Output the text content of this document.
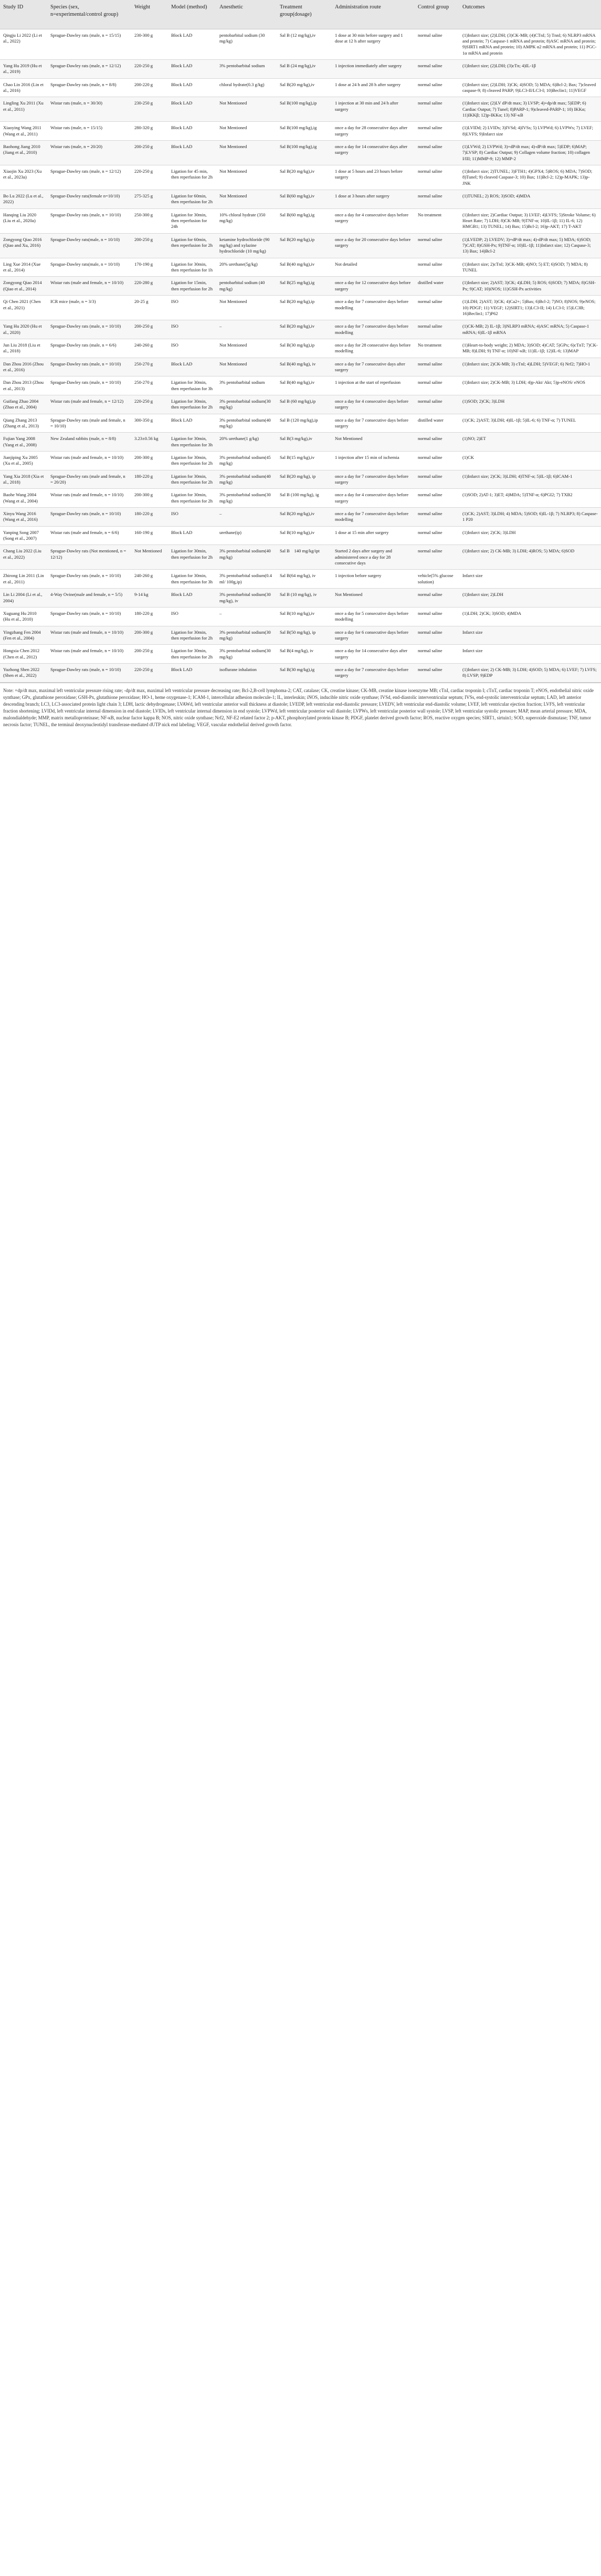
Study ID	Species (sex, n=experimental/control group)	Weight	Model (method)	Anesthetic	Treatment group(dosage)	Administration route	Control group	Outcomes
Qingju Li 2022 (Li et al., 2022)	Sprague-Dawley rats (male, n = 15/15)	230-300 g	Block LAD	pentobarbital sodium (30 mg/kg)	Sal B (12 mg/kg),iv	1 dose at 30 min before surgery and 1 dose at 12 h after surgery	normal saline	(1)Infarct size; (2)LDH; (3)CK-MB; (4)CTnI; 5) TnnI; 6) NLRP3 mRNA and protein; 7) Caspase-1 mRNA and protein; 8)ASC mRNA and protein; 9)SIRT1 mRNA and protein; 10) AMPK α2 mRNA and protein; 11) PGC-1α mRNA and protein
Yang Hu 2019 (Hu et al., 2019)	Sprague-Dawley rats (male, n = 12/12)	220-250 g	Block LAD	3% pentobarbital sodium	Sal B (24 mg/kg),iv	1 injection immediately after surgery	normal saline	(1)Infarct size; (2)LDH; (3)cTn; 4)IL-1β
Chao Lin 2016 (Lin et al., 2016)	Sprague-Dawley rats (male, n = 8/8)	200-220 g	Block LAD	chloral hydrate(0.3 g/kg)	Sal B(20 mg/kg),iv	1 dose at 24 h and 28 h after surgery	normal saline	(1)Infarct size; (2)LDH; 3)CK; 4)SOD; 5) MDA; 6)Bcl-2; Bax; 7)cleaved caspase-9; 8) cleaved PARP; 9)LC3-II/LC3-I; 10)Beclin1; 11)VEGF
Lingling Xu 2011 (Xu et al., 2011)	Wistar rats (male, n = 30/30)	230-250 g	Block LAD	Not Mentioned	Sal B(100 mg/kg),ip	1 injection at 30 min and 24 h after surgery	normal saline	(1)Infarct size; (2)LV dP/dt max; 3) LVSP; 4)+dp/dt max; 5)EDP; 6) Cardiac Output; 7) Tunel; 8)PARP-1; 9)cleaved-PARP-1; 10) IKKα; 11)IKKβ; 12)p-IKKα; 13) NF-κB
Xiaoying Wang 2011 (Wang et al., 2011)	Wistar rats (male, n = 15/15)	280-320 g	Block LAD	Not Mentioned	Sal B(100 mg/kg),ig	once a day for 28 consecutive days after surgery	normal saline	(1)LVIDd; 2) LVIDs; 3)IVSd; 4)IVSs; 5) LVPWd; 6) LVPWs; 7) LVEF; 8)LVFS; 9)Infarct size
Baohong Jiang 2010 (Jiang et al., 2010)	Wistar rats (male, n = 20/20)	200-250 g	Block LAD	Not Mentioned	Sal B(100 mg/kg),ig	once a day for 14 consecutive days after surgery	normal saline	(1)LVWd; 2) LVPWd; 3)+dP/dt max; 4)-dP/dt max; 5)EDP; 6)MAP; 7)LVSP; 8) Cardiac Output; 9) Collagen volume fraction; 10) collagen I/III; 11)MMP-9; 12) MMP-2
Xiaojin Xu 2023 (Xu et al., 2023a)	Sprague-Dawley rats (male, n = 12/12)	220-250 g	Ligation for 45 min, then reperfusion for 2h	Not Mentioned	Sal B(20 mg/kg),iv	1 dose at 5 hours and 23 hours before surgery	normal saline	(1)Infarct size; 2)TUNEL; 3)FTH1; 4)GPX4; 5)ROS; 6) MDA; 7)SOD; 8)Tunel; 9) cleaved Caspase-3; 10) Bax; 11)Bcl-2; 12)p-MAPK; 13)p-JNK
Bo Lu 2022 (Lu et al., 2022)	Sprague-Dawley rats(female n=10/10)	275-325 g	Ligation for 60min, then reperfusion for 2h	Not Mentioned	Sal B(60 mg/kg),iv	1 dose at 3 hours after surgery	normal saline	(1)TUNEL; 2) ROS; 3)SOD; 4)MDA
Hanqing Liu 2020 (Liu et al., 2020a)	Sprague-Dawley rats (male, n = 10/10)	250-300 g	Ligation for 30min, then reperfusion for 24h	10% chloral hydrate (350 mg/kg)	Sal B(60 mg/kg),ig	once a day for 4 consecutive days before surgery	No treatment	(1)Infarct size; 2)Cardiac Output; 3) LVEF; 4)LVFS; 5)Stroke Volume; 6) Heart Rate; 7) LDH; 8)CK-MB; 9)TNF-α; 10)IL-1β; 11) IL-6; 12) HMGB1; 13) TUNEL; 14) Bax; 15)Bcl-2; 16)p-AKT; 17) T-AKT
Zongyong Qiao 2016 (Qiao and Xu, 2016)	Sprague-Dawley rats(male, n = 10/10)	200-250 g	Ligation for 60min, then reperfusion for 2h	ketamine hydrochloride (90 mg/kg) and xylazine hydrochloride (10 mg/kg)	Sal B(20 mg/kg),ip	once a day for 20 consecutive days before surgery	normal saline	(1)LVEDP; 2) LVEDV; 3)+dP/dt max; 4)-dP/dt max; 5) MDA; 6)SOD; 7)CAT; 8)GSH-Px; 9)TNF-α; 10)IL-1β; 11)Infarct size; 12) Caspase-3; 13) Bax; 14)Bcl-2
Ling Xue 2014 (Xue et al., 2014)	Sprague-Dawley rats(male, n = 10/10)	170-190 g	Ligation for 30min, then reperfusion for 1h	20% urethane(5g/kg)	Sal B(40 mg/kg),iv	Not detailed	normal saline	(1)Infarct size; 2)cTnI; 3)CK-MB; 4)NO; 5) ET; 6)SOD; 7) MDA; 8) TUNEL
Zongyong Qiao 2014 (Qiao et al., 2014)	Wistar rats (male and female, n = 10/10)	220-280 g	Ligation for 15min, then reperfusion for 2h	pentobarbital sodium (40 mg/kg)	Sal B(25 mg/kg),ig	once a day for 12 consecutive days before surgery	distilled water	(1)Infarct size; 2)AST; 3)CK; 4)LDH; 5) ROS; 6)SOD; 7) MDA; 8)GSH-Px; 9)CAT; 10)iNOS; 11)GSH-Px activities
Qi Chen 2021 (Chen et al., 2021)	ICR mice (male, n = 3/3)	20-25 g	ISO	Not Mentioned	Sal B(20 mg/kg),ip	once a day for 7 consecutive days before modelling	normal saline	(1)LDH; 2)AST; 3)CK; 4)Ca2+; 5)Bax; 6)Bcl-2; 7)NO; 8)NOS; 9)eNOS; 10) PDGF; 11) VEGF; 12)SIRT1; 13)LC3-II; 14) LC3-I; 15)LC3B; 16)Beclin1; 17)P62
Yang Hu 2020 (Hu et al., 2020)	Sprague-Dawley rats (male, n = 10/10)	200-250 g	ISO	–	Sal B(20 mg/kg),iv	once a day for 7 consecutive days before modelling	normal saline	(1)CK-MB; 2) IL-1β; 3)NLRP3 mRNA; 4)ASC mRNA; 5) Caspase-1 mRNA; 6)IL-1β mRNA
Jun Liu 2018 (Liu et al., 2018)	Sprague-Dawley rats (male, n = 6/6)	240-260 g	ISO	Not Mentioned	Sal B(30 mg/kg),ip	once a day for 28 consecutive days before modelling	No treatment	(1)Heart-to-body weight; 2) MDA; 3)SOD; 4)CAT; 5)GPx; 6)cTnT; 7)CK-MB; 8)LDH; 9) TNF-α; 10)NF-κB; 11)IL-1β; 12)IL-6; 13)MAP
Dan Zhou 2016 (Zhou et al., 2016)	Sprague-Dawley rats (male, n = 10/10)	250-270 g	Block LAD	Not Mentioned	Sal B(40 mg/kg), iv	once a day for 7 consecutive days after surgery	normal saline	(1)Infarct size; 2)CK-MB; 3) cTnI; 4)LDH; 5)VEGF; 6) Nrf2; 7)HO-1
Dan Zhou 2013 (Zhou et al., 2013)	Sprague-Dawley rats (male, n = 10/10)	250-270 g	Ligation for 30min, then reperfusion for 3h	3% pentobarbital sodium	Sal B(40 mg/kg),iv	1 injection at the start of reperfusion	normal saline	(1)Infarct size; 2)CK-MB; 3) LDH; 4)p-Akt/ Akt; 5)p-eNOS/ eNOS
Guifang Zhao 2004 (Zhao et al., 2004)	Wistar rats (male and female, n = 12/12)	220-250 g	Ligation for 30min, then reperfusion for 2h	3% pentobarbital sodium(30 mg/kg)	Sal B (60 mg/kg),ip	once a day for 4 consecutive days before surgery	normal saline	(1)SOD; 2)CK; 3)LDH
Qiang Zhang 2013 (Zhang et al., 2013)	Sprague-Dawley rats (male and female, n = 10/10)	300-350 g	Block LAD	3% pentobarbital sodium(40 mg/kg)	Sal B (120 mg/kg),ip	once a day for 7 consecutive days before surgery	distilled water	(1)CK; 2)AST; 3)LDH; 4)IL-1β; 5)IL-6; 6) TNF-α; 7) TUNEL
Fujian Yang 2008 (Yang et al., 2008)	New Zealand rabbits (male, n = 8/8)	3.23±0.56 kg	Ligation for 30min, then reperfusion for 3h	20% urethane(1 g/kg)	Sal B(3 mg/kg),iv	Not Mentioned	normal saline	(1)NO; 2)ET
Jianjiping Xu 2005 (Xu et al., 2005)	Wistar rats (male and female, n = 10/10)	200-300 g	Ligation for 30min, then reperfusion for 2h	3% pentobarbital sodium(45 mg/kg)	Sal B(15 mg/kg),iv	1 injection after 15 min of ischemia	normal saline	(1)CK
Yang Xia 2018 (Xia et al., 2018)	Sprague-Dawley rats (male and female, n = 20/20)	180-220 g	Ligation for 30min, then reperfusion for 2h	3% pentobarbital sodium(40 mg/kg)	Sal B(20 mg/kg), ip	once a day for 7 consecutive days before surgery	normal saline	(1)Infarct size; 2)CK; 3)LDH; 4)TNF-α; 5)IL-1β; 6)ICAM-1
Baohe Wang 2004 (Wang et al., 2004)	Wistar rats (male and female, n = 10/10)	200-300 g	Ligation for 30min, then reperfusion for 2h	3% pentobarbital sodium(30 mg/kg)	Sal B (100 mg/kg), ig	once a day for 4 consecutive days before surgery	normal saline	(1)SOD; 2)AT-1; 3)ET; 4)MDA; 5)TNF-α; 6)PGI2; 7) TXB2
Xinyu Wang 2016 (Wang et al., 2016)	Sprague-Dawley rats (male, n = 10/10)	180-220 g	ISO	–	Sal B(20 mg/kg),iv	once a day for 7 consecutive days before modelling	normal saline	(1)CK; 2)AST; 3)LDH; 4) MDA; 5)SOD; 6)IL-1β; 7) NLRP3; 8) Caspase-1 P20
Yanping Song 2007 (Song et al., 2007)	Wistar rats (male and female, n = 6/6)	160-190 g	Block LAD	urethane(ip)	Sal B(10 mg/kg),iv	1 dose at 15 min after surgery	normal saline	(1)Infarct size; 2)CK; 3)LDH
Chang Liu 2022 (Liu et al., 2022)	Sprague-Dawley rats (Not mentioned, n = 12/12)	Not Mentioned	Ligation for 30min, then reperfusion for 2h	3% pentobarbital sodium(40 mg/kg)	Sal B　140 mg/kg/ipt	Started 2 days after surgery and administered once a day for 28 consecutive days	normal saline	(1)Infarct size; 2) CK-MB; 3) LDH; 4)ROS; 5) MDA; 6)SOD
Zhirong Lin 2011 (Lin et al., 2011)	Sprague-Dawley rats (male, n = 10/10)	240-260 g	Ligation for 30min, then reperfusion for 3h	3% pentobarbital sodium(0.4 ml/ 100g,ip)	Sal B(64 mg/kg), iv	1 injection before surgery	vehicle(5% glucose solution)	Infarct size
Lin Li 2004 (Li et al., 2004)	4-Way Ovine(male and female, n = 5/5)	9-14 kg	Block LAD	3% pentobarbital sodium(30 mg/kg), iv	Sal B (10 mg/kg), iv	Not Mentioned	normal saline	(1)Infarct size; 2)LDH
Xuguang Hu 2010 (Hu et al., 2010)	Sprague-Dawley rats (male, n = 10/10)	180-220 g	ISO	–	Sal B(10 mg/kg),iv	once a day for 5 consecutive days before modelling	normal saline	(1)LDH; 2)CK; 3)SOD; 4)MDA
Yingzhang Fen 2004 (Fen et al., 2004)	Wistar rats (male and female, n = 10/10)	200-300 g	Ligation for 30min, then reperfusion for 2h	3% pentobarbital sodium(30 mg/kg)	Sal B(50 mg/kg), ip	once a day for 6 consecutive days before surgery	normal saline	Infarct size
Hongxia Chen 2012 (Chen et al., 2012)	Wistar rats (male and female, n = 10/10)	200-250 g	Ligation for 30min, then reperfusion for 2h	3% pentobarbital sodium(30 mg/kg)	Sal B(4 mg/kg), iv	once a day for 14 consecutive days after surgery	normal saline	Infarct size
Yuzhong Shen 2022 (Shen et al., 2022)	Sprague-Dawley rats (male, n = 10/10)	220-250 g	Block LAD	isoflurane inhalation	Sal B(30 mg/kg),ig	once a day for 7 consecutive days before surgery	normal saline	(1)Infarct size; 2) CK-MB; 3) LDH; 4)SOD; 5) MDA; 6) LVEF; 7) LVFS; 8) LVSP; 9)EDP
Note: +dp/dt max, maximal left ventricular pressure rising rate; -dp/dt max, maximal left ventricular pressure decreasing rate; Bcl-2,B-cell lymphoma-2; CAT, catalase; CK, creatine kinase; CK-MB, creatine kinase isoenzyme MB; cTnI, cardiac troponin I; cTnT, cardiac troponin T; eNOS, endothelial nitric oxide synthase; GPx, glutathione peroxidase; GSH-Px, glutathione peroxidase; HO-1, heme oxygenase-1; ICAM-1, intercellular adhesion molecule-1; IL, interleukin; iNOS, inducible nitric oxide synthase; IVSd, end-diastolic interventricular septum; IVSs, end-systolic interventricular septum; LAD, left anterior descending branch; LC3, LC3-associated protein light chain 3; LDH, lactic dehydrogenase; LVAWd, left ventricular anterior wall thickness at diastole; LVEDP, left ventricular end-diastolic pressure; LVEDV, left ventricular end-diastolic volume; LVEF, left ventricular ejection fraction; LVFS, left ventricular fraction shortening; LVIDd, left ventricular internal dimension in end diastole; LVIDs, left ventricular internal dimension in end systole; LVPWd, left ventricular posterior wall diastole; LVPWs, left ventricular posterior wall systole; LVSP, left ventricular systolic pressure; MAP, mean arterial pressure; MDA, malondialdehyde; MMP, matrix metalloproteinase; NF-κB, nuclear factor kappa B; NOS, nitric oxide synthase; Nrf2, NF-E2 related factor 2; p-AKT, phosphorylated protein kinase B; PDGF, platelet derived growth factor; ROS, reactive oxygen species; SIRT1, sirtuin1; SOD, superoxide dismutase; TNF, tumor necrosis factor; TUNEL, the terminal deoxynucleotidyl transferase-mediated dUTP nick end labeling; VEGF, vascular endothelial derived growth factor.
